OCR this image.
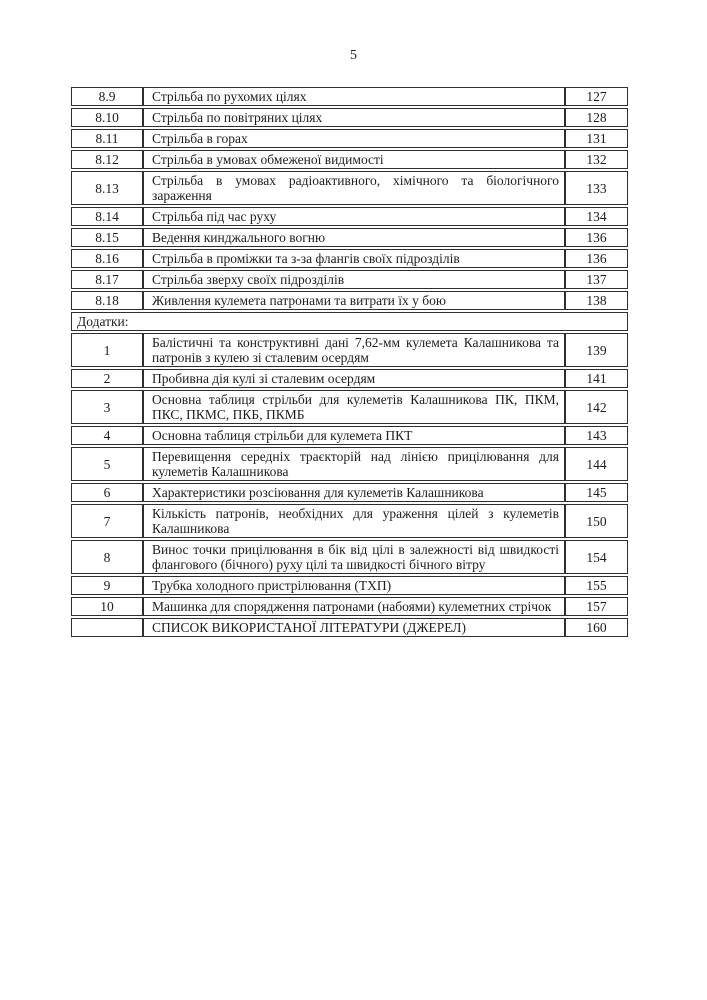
5
8.9	Стрільба по рухомих цілях	127
8.10	Стрільба по повітряних цілях	128
8.11	Стрільба в горах	131
8.12	Стрільба в умовах обмеженої видимості	132
8.13	Стрільба в умовах радіоактивного, хімічного та біологічного зараження	133
8.14	Стрільба під час руху	134
8.15	Ведення кинджального вогню	136
8.16	Стрільба в проміжки та з-за флангів своїх підрозділів	136
8.17	Стрільба зверху своїх підрозділів	137
8.18	Живлення кулемета патронами та витрати їх у бою	138
Додатки:		
1	Балістичні та конструктивні дані 7,62-мм кулемета Калашникова та патронів з кулею зі сталевим осердям	139
2	Пробивна дія кулі зі сталевим осердям	141
3	Основна таблиця стрільби для кулеметів Калашникова ПК, ПКМ, ПКС, ПКМС, ПКБ, ПКМБ	142
4	Основна таблиця стрільби для кулемета ПКТ	143
5	Перевищення середніх траєкторій над лінією прицілювання для кулеметів Калашникова	144
6	Характеристики розсіювання для кулеметів Калашникова	145
7	Кількість патронів, необхідних для ураження цілей з кулеметів Калашникова	150
8	Винос точки прицілювання в бік від цілі в залежності від швидкості флангового (бічного) руху цілі та швидкості бічного вітру	154
9	Трубка холодного пристрілювання (ТХП)	155
10	Машинка для спорядження патронами (набоями) кулеметних стрічок	157
	СПИСОК ВИКОРИСТАНОЇ ЛІТЕРАТУРИ (ДЖЕРЕЛ)	160
